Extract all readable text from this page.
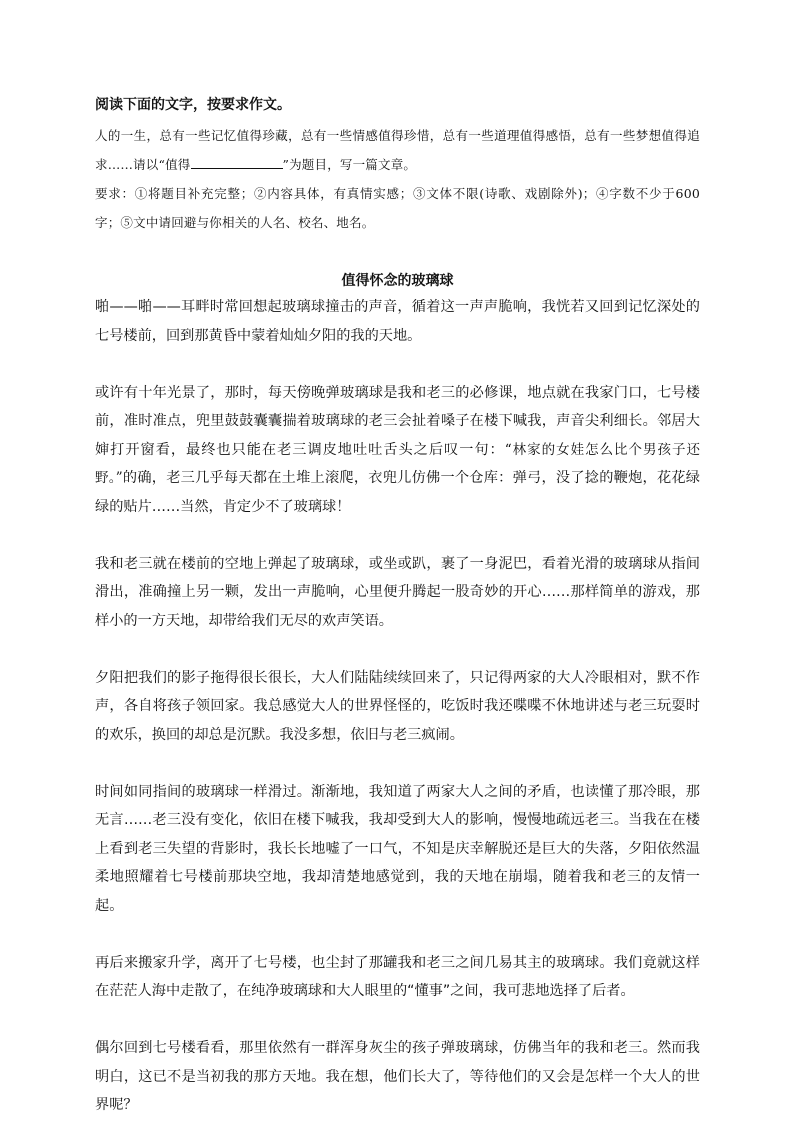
阅读下面的文字，按要求作文。

人的一生，总有一些记忆值得珍藏，总有一些情感值得珍惜，总有一些道理值得感悟，总有一些梦想值得追求……请以“值得	”为题目，写一篇文章。

要求：①将题目补充完整；②内容具体，有真情实感；③文体不限(诗歌、戏剧除外)；④字数不少于600字；⑤文中请回避与你相关的人名、校名、地名。

值得怀念的玻璃球

啪——啪——耳畔时常回想起玻璃球撞击的声音，循着这一声声脆响，我恍若又回到记忆深处的七号楼前，回到那黄昏中蒙着灿灿夕阳的我的天地。

或许有十年光景了，那时，每天傍晚弹玻璃球是我和老三的必修课，地点就在我家门口，七号楼前，准时准点，兜里鼓鼓囊囊揣着玻璃球的老三会扯着嗓子在楼下喊我，声音尖利细长。邻居大婶打开窗看，最终也只能在老三调皮地吐吐舌头之后叹一句：“林家的女娃怎么比个男孩子还野。”的确，老三几乎每天都在土堆上滚爬，衣兜儿仿佛一个仓库：弹弓，没了捻的鞭炮，花花绿绿的贴片……当然，肯定少不了玻璃球！

我和老三就在楼前的空地上弹起了玻璃球，或坐或趴，裹了一身泥巴，看着光滑的玻璃球从指间滑出，准确撞上另一颗，发出一声脆响，心里便升腾起一股奇妙的开心……那样简单的游戏，那样小的一方天地，却带给我们无尽的欢声笑语。

夕阳把我们的影子拖得很长很长，大人们陆陆续续回来了，只记得两家的大人冷眼相对，默不作声，各自将孩子领回家。我总感觉大人的世界怪怪的，吃饭时我还喋喋不休地讲述与老三玩耍时的欢乐，换回的却总是沉默。我没多想，依旧与老三疯闹。

时间如同指间的玻璃球一样滑过。渐渐地，我知道了两家大人之间的矛盾，也读懂了那冷眼，那无言……老三没有变化，依旧在楼下喊我，我却受到大人的影响，慢慢地疏远老三。当我在在楼上看到老三失望的背影时，我长长地嘘了一口气，不知是庆幸解脱还是巨大的失落，夕阳依然温柔地照耀着七号楼前那块空地，我却清楚地感觉到，我的天地在崩塌，随着我和老三的友情一起。

再后来搬家升学，离开了七号楼，也尘封了那罐我和老三之间几易其主的玻璃球。我们竟就这样在茫茫人海中走散了，在纯净玻璃球和大人眼里的“懂事”之间，我可悲地选择了后者。

偶尔回到七号楼看看，那里依然有一群浑身灰尘的孩子弹玻璃球，仿佛当年的我和老三。然而我明白，这已不是当初我的那方天地。我在想，他们长大了，等待他们的又会是怎样一个大人的世界呢？
